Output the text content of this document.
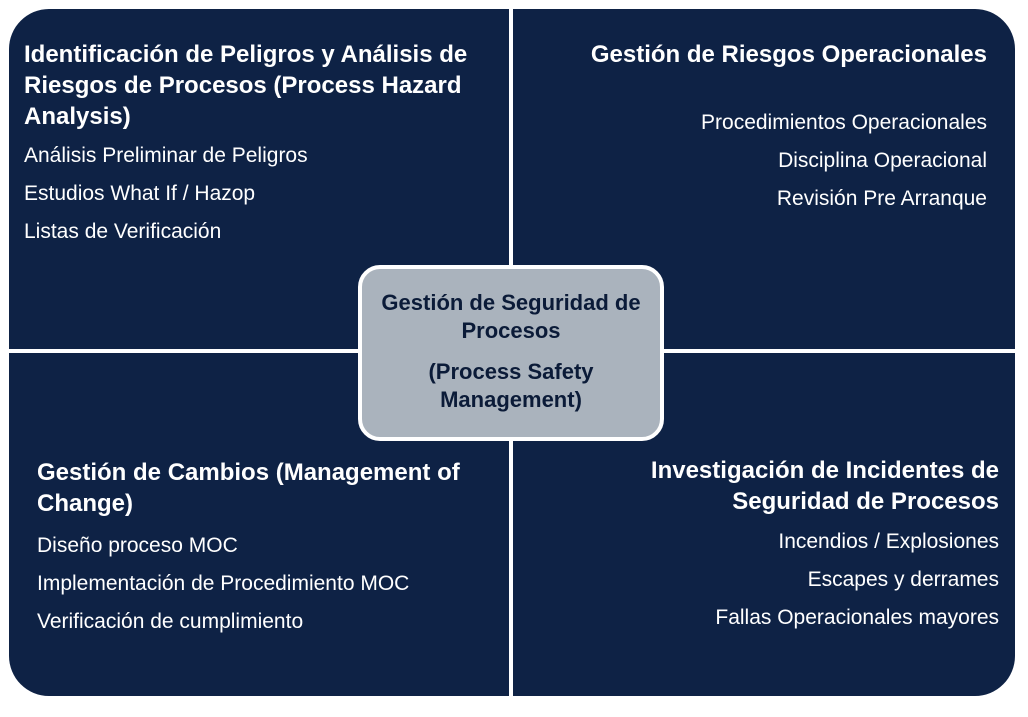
Identificación de Peligros y Análisis de Riesgos de Procesos (Process Hazard Analysis)

Análisis Preliminar de Peligros
Estudios What If / Hazop
Listas de Verificación

Gestión de Riesgos Operacionales

Procedimientos Operacionales
Disciplina Operacional
Revisión Pre Arranque

Gestión de Cambios (Management of Change)

Diseño proceso MOC
Implementación de Procedimiento MOC
Verificación de cumplimiento

Investigación de Incidentes de Seguridad de Procesos

Incendios / Explosiones
Escapes y derrames
Fallas Operacionales mayores
Gestión de Seguridad de Procesos
(Process Safety Management)
